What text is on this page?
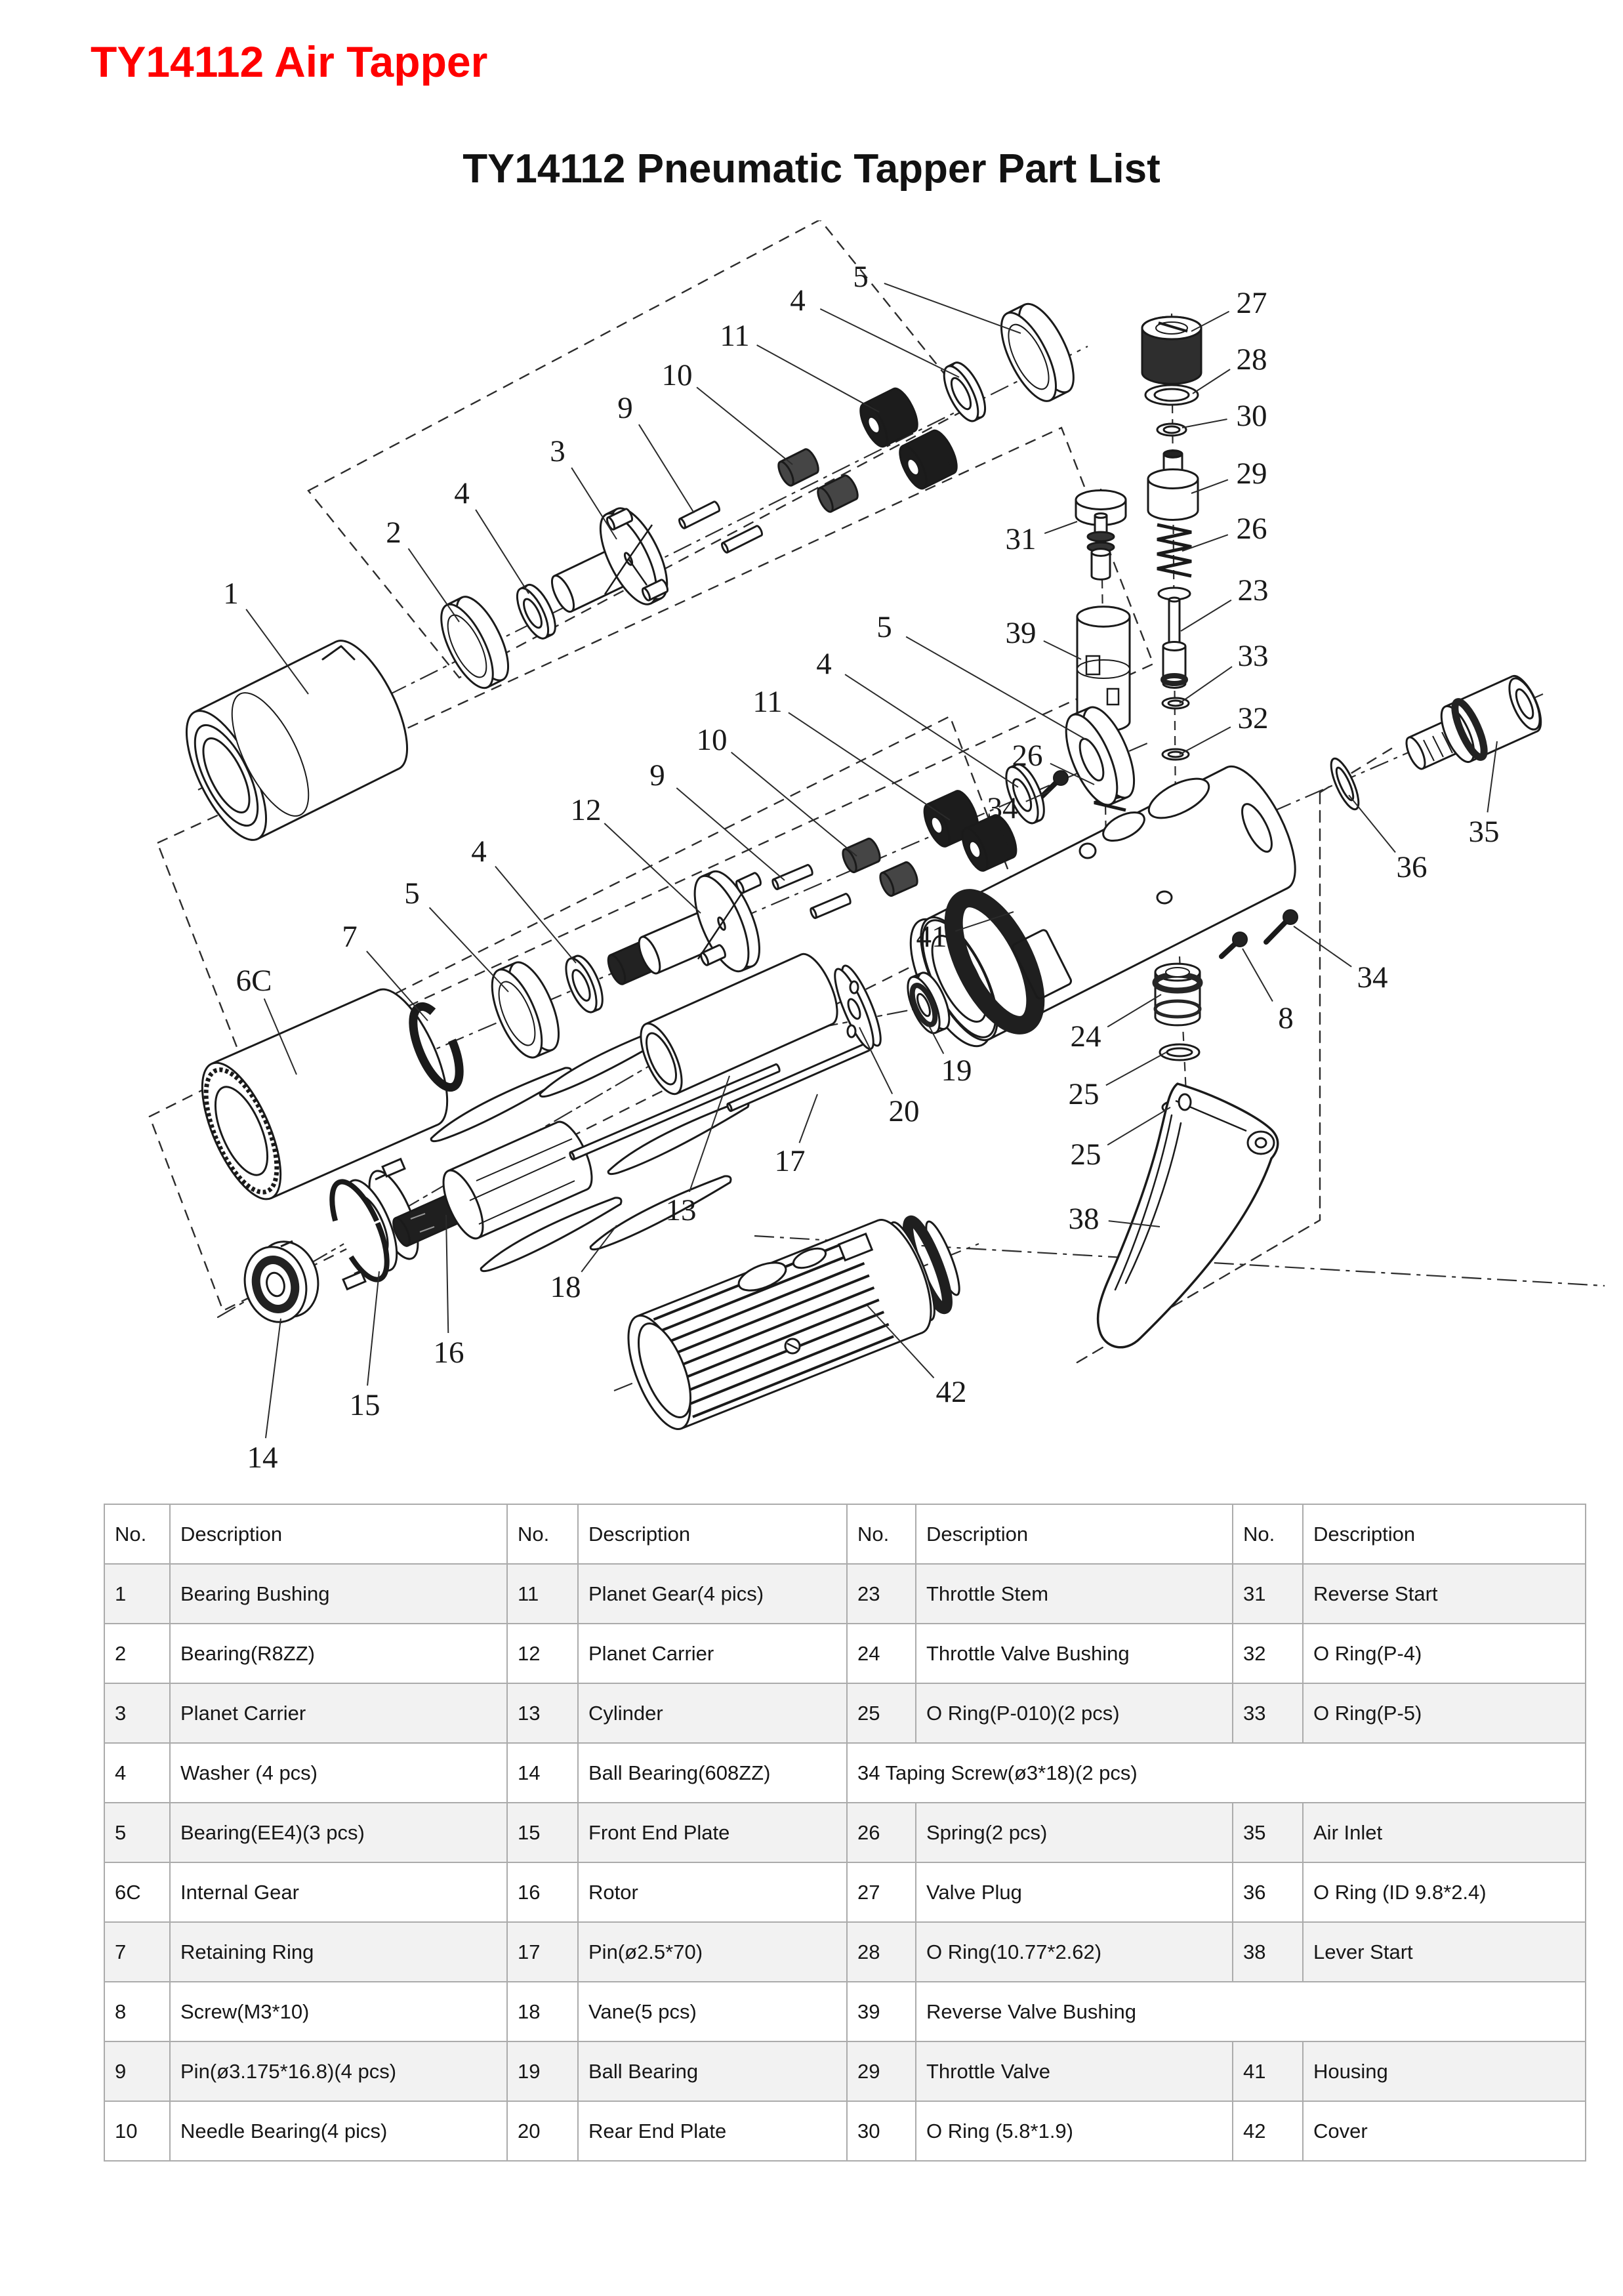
TY14112 Air Tapper
TY14112 Pneumatic Tapper Part List
1
2
4
3
9
10
11
4
5
27
28
30
29
26
23
33
32
31
39
26
35
36
34
41
34
8
24
25
25
38
19
20
17
13
18
16
15
14
42
12
9
10
11
4
5
6C
7
5
4
No.	Description	No.	Description	No.	Description	No.	Description
1	Bearing Bushing	11	Planet Gear(4 pics)	23	Throttle Stem	31	Reverse Start
2	Bearing(R8ZZ)	12	Planet Carrier	24	Throttle Valve Bushing	32	O Ring(P-4)
3	Planet Carrier	13	Cylinder	25	O Ring(P-010)(2 pcs)	33	O Ring(P-5)
4	Washer (4 pcs)	14	Ball Bearing(608ZZ)	34 Taping Screw(ø3*18)(2 pcs)			
5	Bearing(EE4)(3 pcs)	15	Front End Plate	26	Spring(2 pcs)	35	Air Inlet
6C	Internal Gear	16	Rotor	27	Valve Plug	36	O Ring (ID 9.8*2.4)
7	Retaining Ring	17	Pin(ø2.5*70)	28	O Ring(10.77*2.62)	38	Lever Start
8	Screw(M3*10)	18	Vane(5 pcs)	39	Reverse Valve Bushing		
9	Pin(ø3.175*16.8)(4 pcs)	19	Ball Bearing	29	Throttle Valve	41	Housing
10	Needle Bearing(4 pics)	20	Rear End Plate	30	O Ring (5.8*1.9)	42	Cover
